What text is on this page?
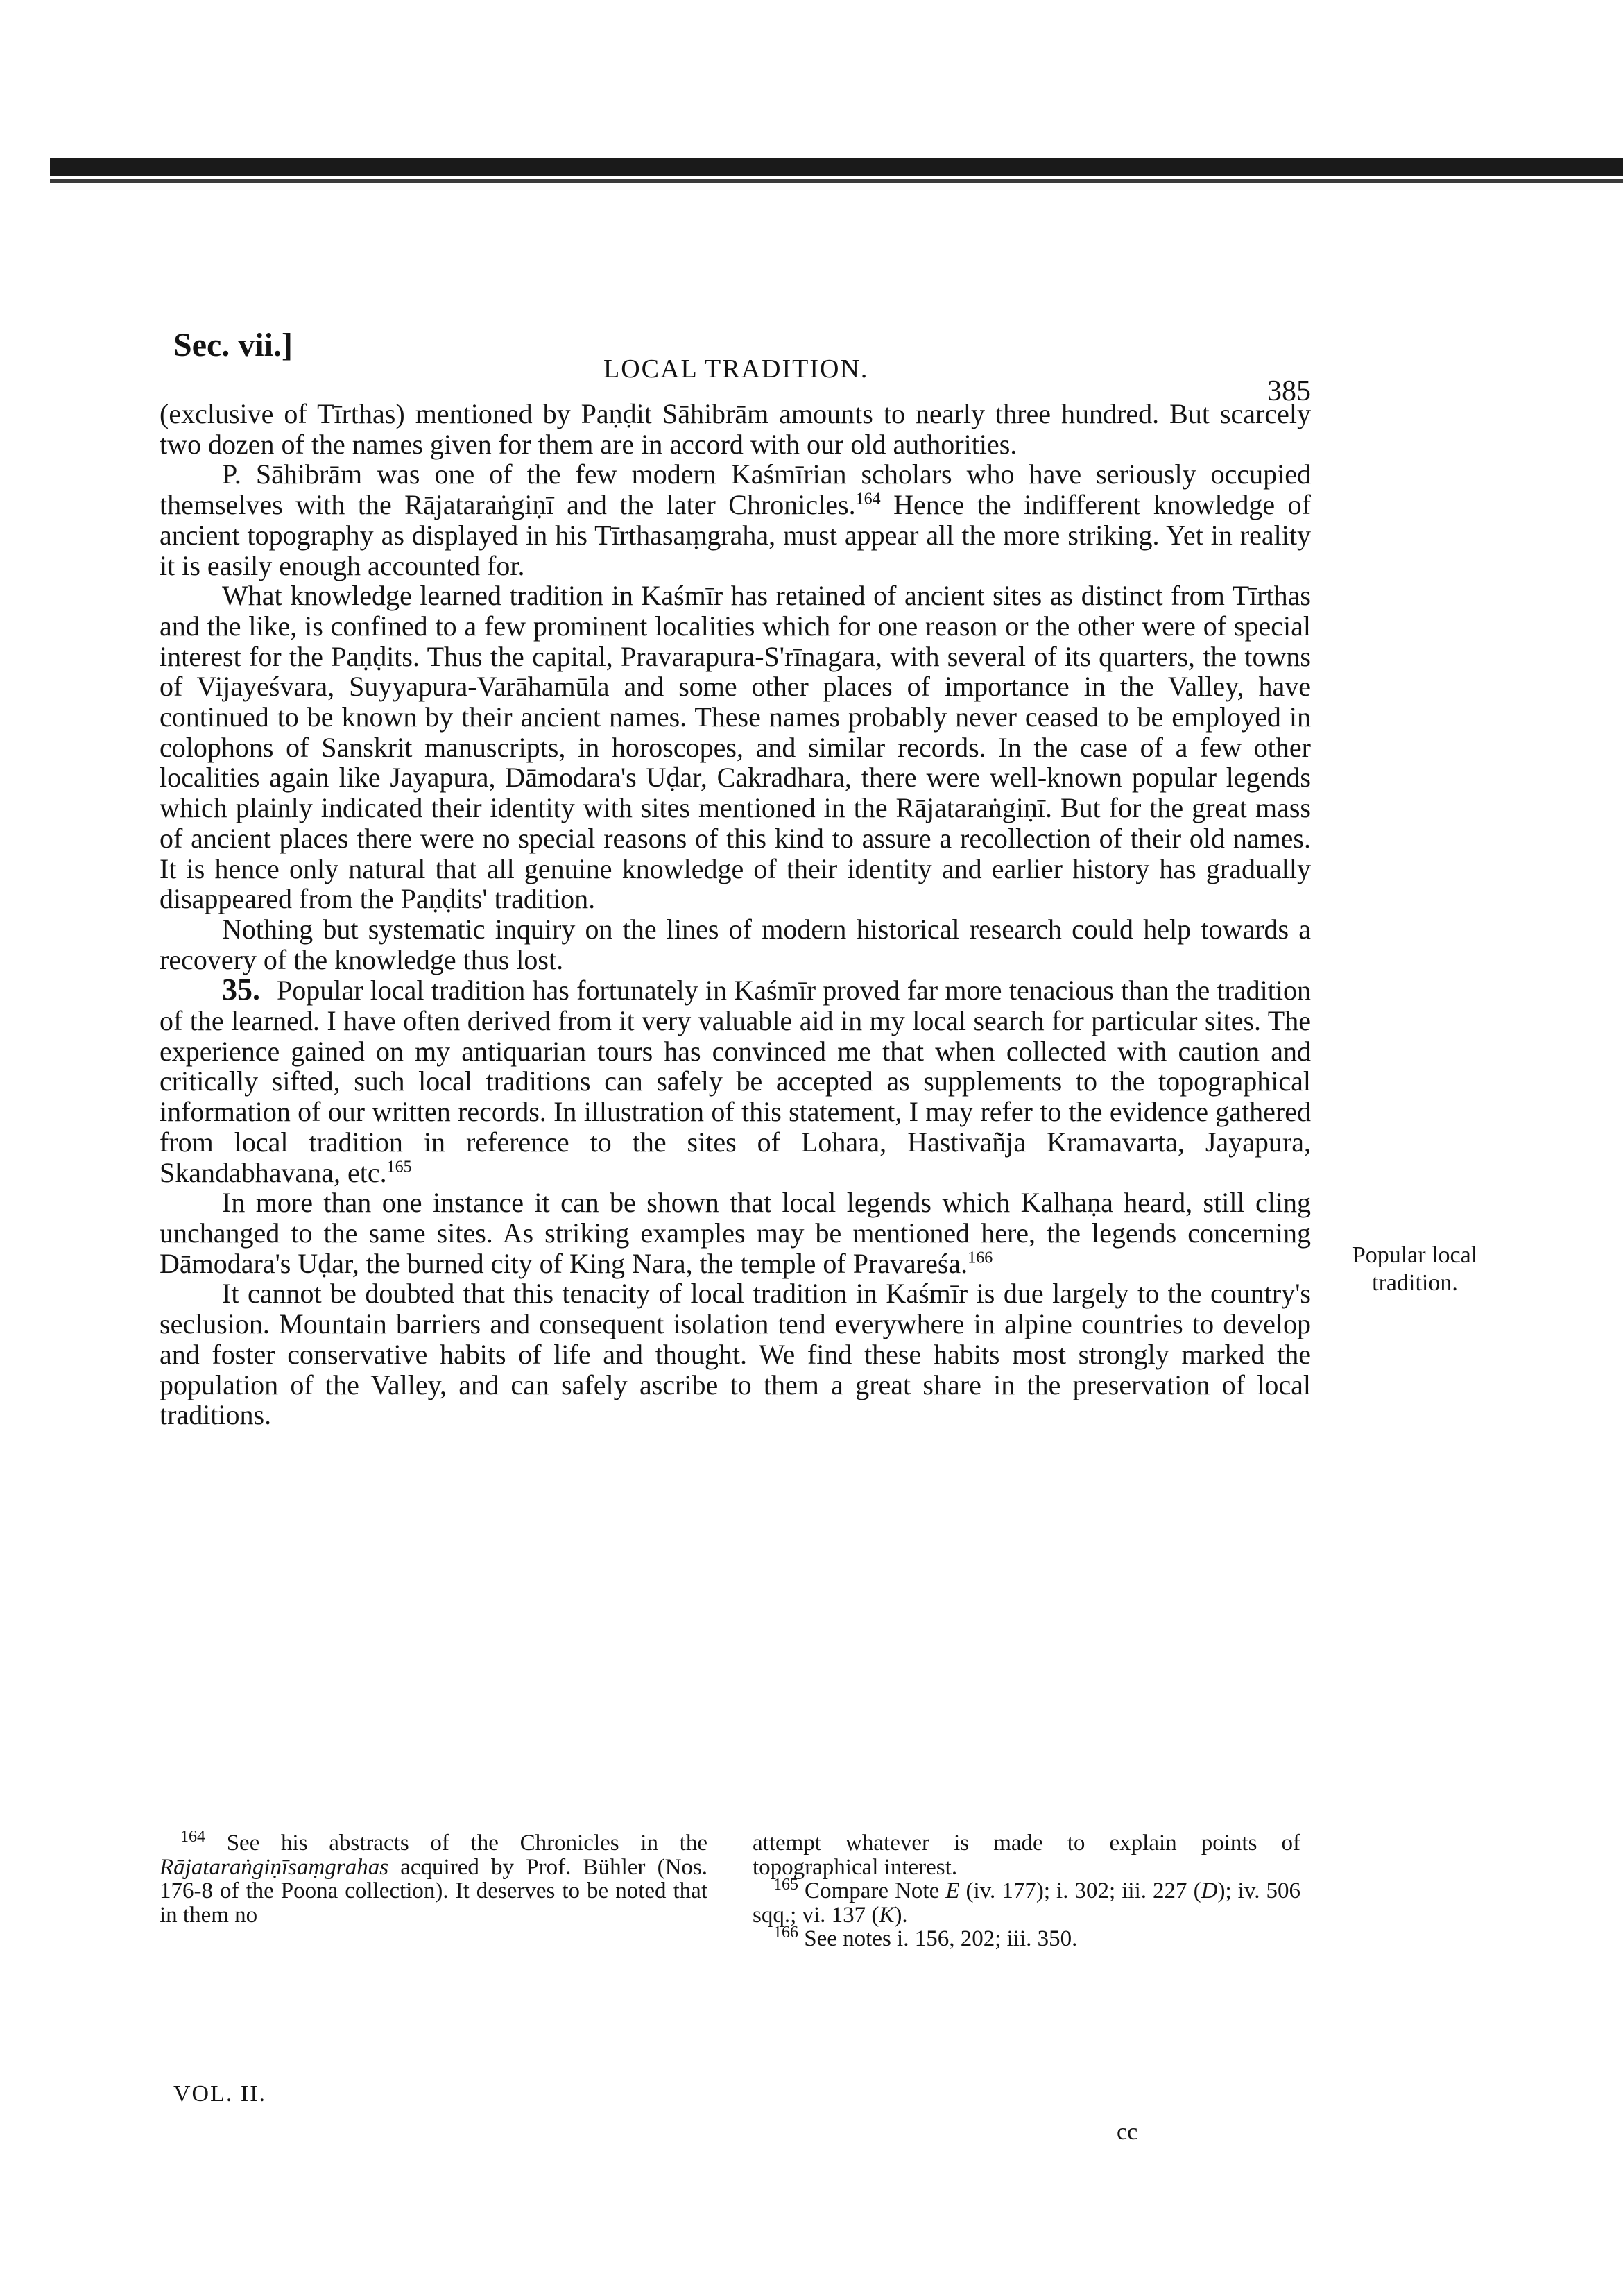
Sec. vii.]
LOCAL TRADITION.
385

(exclusive of Tīrthas) mentioned by Paṇḍit Sāhibrām amounts to nearly three hundred. But scarcely two dozen of the names given for them are in accord with our old authorities.

P. Sāhibrām was one of the few modern Kaśmīrian scholars who have seriously occupied themselves with the Rājataraṅgiṇī and the later Chronicles.$^{164}$ Hence the indifferent knowledge of ancient topography as displayed in his Tīrthasaṃgraha, must appear all the more striking. Yet in reality it is easily enough accounted for.

What knowledge learned tradition in Kaśmīr has retained of ancient sites as distinct from Tīrthas and the like, is confined to a few prominent localities which for one reason or the other were of special interest for the Paṇḍits. Thus the capital, Pravarapura-S'rīnagara, with several of its quarters, the towns of Vijayeśvara, Suyyapura-Varāhamūla and some other places of importance in the Valley, have continued to be known by their ancient names. These names probably never ceased to be employed in colophons of Sanskrit manuscripts, in horoscopes, and similar records. In the case of a few other localities again like Jayapura, Dāmodara's Uḍar, Cakradhara, there were well-known popular legends which plainly indicated their identity with sites mentioned in the Rājataraṅgiṇī. But for the great mass of ancient places there were no special reasons of this kind to assure a recollection of their old names. It is hence only natural that all genuine knowledge of their identity and earlier history has gradually disappeared from the Paṇḍits' tradition.

Nothing but systematic inquiry on the lines of modern historical research could help towards a recovery of the knowledge thus lost.

35. Popular local tradition has fortunately in Kaśmīr proved far more tenacious than the tradition of the learned. I have often derived from it very valuable aid in my local search for particular sites. The experience gained on my antiquarian tours has convinced me that when collected with caution and critically sifted, such local traditions can safely be accepted as supplements to the topographical information of our written records. In illustration of this statement, I may refer to the evidence gathered from local tradition in reference to the sites of Lohara, Hastivañja Kramavarta, Jayapura, Skandabhavana, etc.$^{165}$

In more than one instance it can be shown that local legends which Kalhaṇa heard, still cling unchanged to the same sites. As striking examples may be mentioned here, the legends concerning Dāmodara's Uḍar, the burned city of King Nara, the temple of Pravareśa.$^{166}$

It cannot be doubted that this tenacity of local tradition in Kaśmīr is due largely to the country's seclusion. Mountain barriers and consequent isolation tend everywhere in alpine countries to develop and foster conservative habits of life and thought. We find these habits most strongly marked the population of the Valley, and can safely ascribe to them a great share in the preservation of local traditions.

Popular local tradition.

$^{164}$ See his abstracts of the Chronicles in the Rājataraṅgiṇīsaṃgrahas acquired by Prof. Bühler (Nos. 176-8 of the Poona collection). It deserves to be noted that in them no

attempt whatever is made to explain points of topographical interest.

$^{165}$ Compare Note E (iv. 177); i. 302; iii. 227 (D); iv. 506 sqq.; vi. 137 (K).

$^{166}$ See notes i. 156, 202; iii. 350.

VOL. II.
cc
